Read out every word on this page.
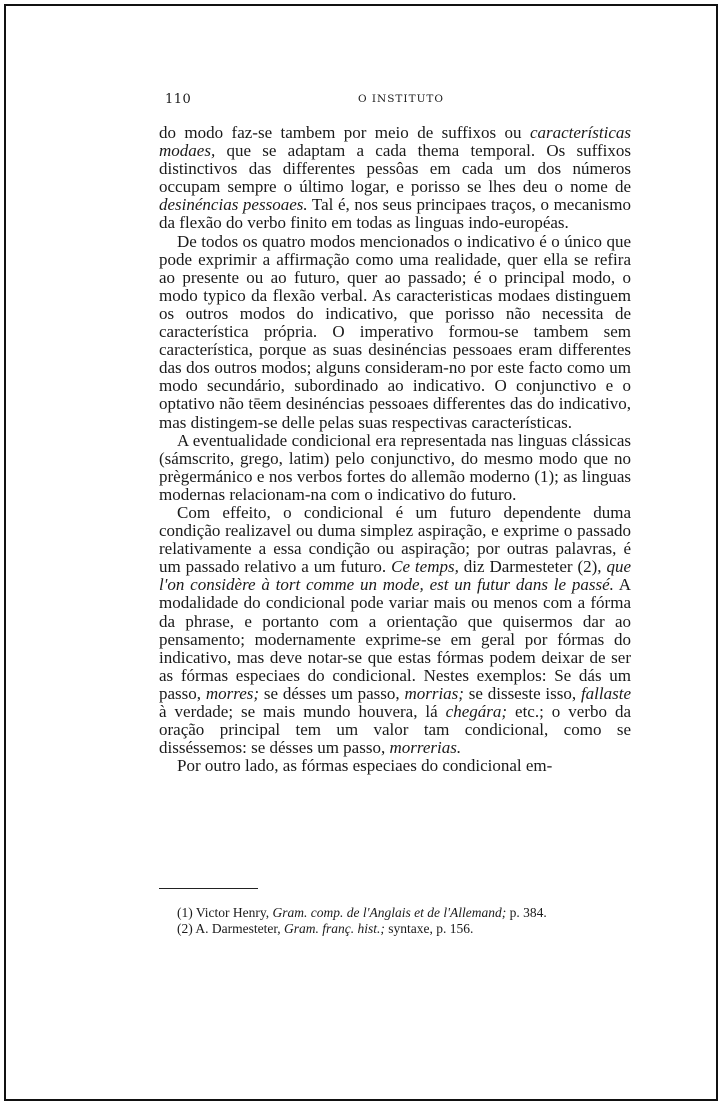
110	O INSTITUTO

do modo faz-se tambem por meio de suffixos ou características modaes, que se adaptam a cada thema temporal. Os suffixos distinctivos das differentes pessôas em cada um dos números occupam sempre o último logar, e porisso se lhes deu o nome de desinéncias pessoaes. Tal é, nos seus principaes traços, o mecanismo da flexão do verbo finito em todas as linguas indo-européas.

De todos os quatro modos mencionados o indicativo é o único que pode exprimir a affirmação como uma realidade, quer ella se refira ao presente ou ao futuro, quer ao passado; é o principal modo, o modo typico da flexão verbal. As caracteristicas modaes distinguem os outros modos do indicativo, que porisso não necessita de característica própria. O imperativo formou-se tambem sem característica, porque as suas desinéncias pessoaes eram differentes das dos outros modos; alguns consideram-no por este facto como um modo secundário, subordinado ao indicativo. O conjunctivo e o optativo não tēem desinéncias pessoaes differentes das do indicativo, mas distingem-se delle pelas suas respectivas características.

A eventualidade condicional era representada nas linguas clássicas (sámscrito, grego, latim) pelo conjunctivo, do mesmo modo que no prègermánico e nos verbos fortes do allemão moderno (1); as linguas modernas relacionam-na com o indicativo do futuro.

Com effeito, o condicional é um futuro dependente duma condição realizavel ou duma simplez aspiração, e exprime o passado relativamente a essa condição ou aspiração; por outras palavras, é um passado relativo a um futuro. Ce temps, diz Darmesteter (2), que l'on considère à tort comme un mode, est un futur dans le passé. A modalidade do condicional pode variar mais ou menos com a fórma da phrase, e portanto com a orientação que quisermos dar ao pensamento; modernamente exprime-se em geral por fórmas do indicativo, mas deve notar-se que estas fórmas podem deixar de ser as fórmas especiaes do condicional. Nestes exemplos: Se dás um passo, morres; se désses um passo, morrias; se disseste isso, fallaste à verdade; se mais mundo houvera, lá chegára; etc.; o verbo da oração principal tem um valor tam condicional, como se disséssemos: se désses um passo, morrerias.

Por outro lado, as fórmas especiaes do condicional em-

(1) Victor Henry, Gram. comp. de l'Anglais et de l'Allemand; p. 384.
(2) A. Darmesteter, Gram. franç. hist.; syntaxe, p. 156.
